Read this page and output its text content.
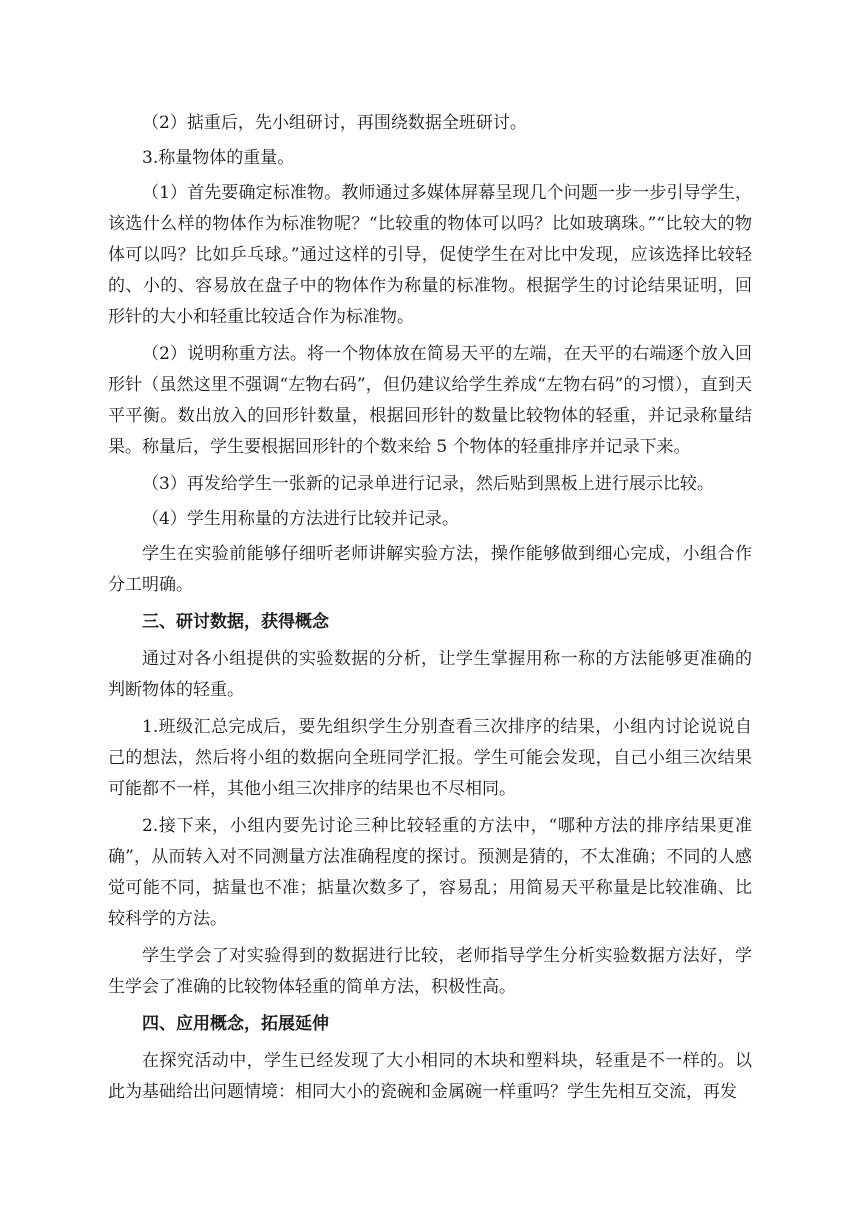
（2）掂重后，先小组研讨，再围绕数据全班研讨。

3.称量物体的重量。

（1）首先要确定标准物。教师通过多媒体屏幕呈现几个问题一步一步引导学生，该选什么样的物体作为标准物呢？“比较重的物体可以吗？比如玻璃珠。”“比较大的物体可以吗？比如乒乓球。”通过这样的引导，促使学生在对比中发现，应该选择比较轻的、小的、容易放在盘子中的物体作为称量的标准物。根据学生的讨论结果证明，回形针的大小和轻重比较适合作为标准物。

（2）说明称重方法。将一个物体放在简易天平的左端，在天平的右端逐个放入回形针（虽然这里不强调“左物右码”，但仍建议给学生养成“左物右码”的习惯），直到天平平衡。数出放入的回形针数量，根据回形针的数量比较物体的轻重，并记录称量结果。称量后，学生要根据回形针的个数来给 5 个物体的轻重排序并记录下来。

（3）再发给学生一张新的记录单进行记录，然后贴到黑板上进行展示比较。

（4）学生用称量的方法进行比较并记录。

学生在实验前能够仔细听老师讲解实验方法，操作能够做到细心完成，小组合作分工明确。

三、研讨数据，获得概念

通过对各小组提供的实验数据的分析，让学生掌握用称一称的方法能够更准确的判断物体的轻重。

1.班级汇总完成后，要先组织学生分别查看三次排序的结果，小组内讨论说说自己的想法，然后将小组的数据向全班同学汇报。学生可能会发现，自己小组三次结果可能都不一样，其他小组三次排序的结果也不尽相同。

2.接下来，小组内要先讨论三种比较轻重的方法中，“哪种方法的排序结果更准确”，从而转入对不同测量方法准确程度的探讨。预测是猜的，不太准确；不同的人感觉可能不同，掂量也不准；掂量次数多了，容易乱；用简易天平称量是比较准确、比较科学的方法。

学生学会了对实验得到的数据进行比较，老师指导学生分析实验数据方法好，学生学会了准确的比较物体轻重的简单方法，积极性高。

四、应用概念，拓展延伸

在探究活动中，学生已经发现了大小相同的木块和塑料块，轻重是不一样的。以此为基础给出问题情境：相同大小的瓷碗和金属碗一样重吗？学生先相互交流，再发
